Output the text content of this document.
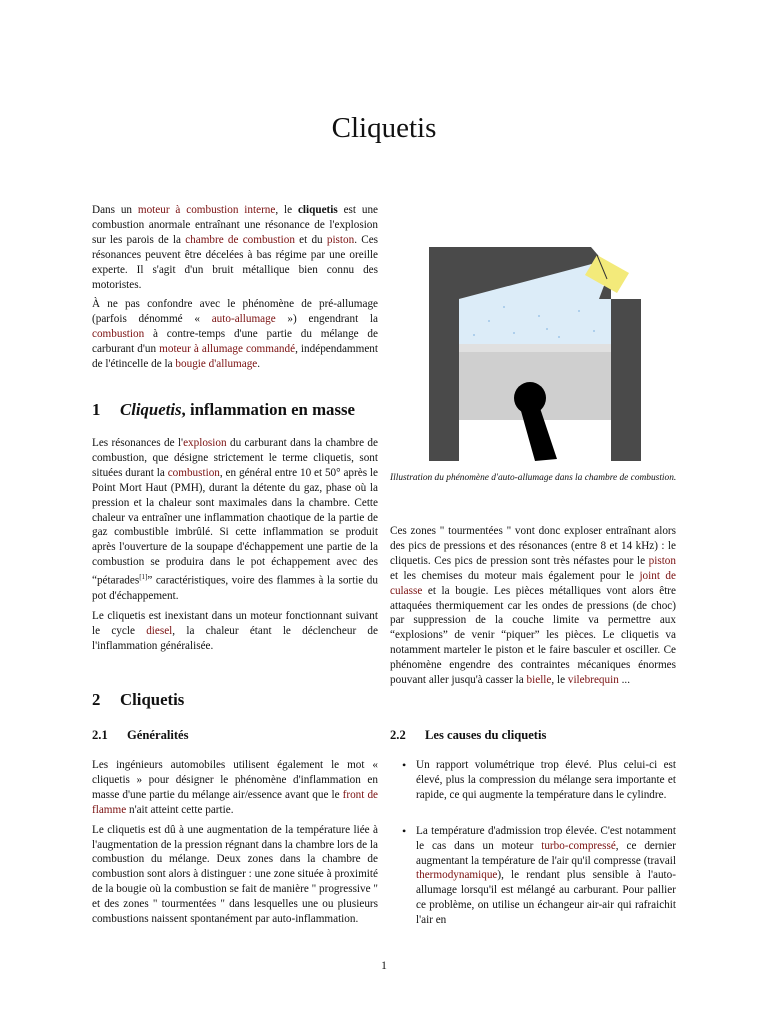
Cliquetis

Dans un moteur à combustion interne, le cliquetis est une combustion anormale entraînant une résonance de l'explosion sur les parois de la chambre de combustion et du piston. Ces résonances peuvent être décelées à bas régime par une oreille experte. Il s'agit d'un bruit métallique bien connu des motoristes.

À ne pas confondre avec le phénomène de pré-allumage (parfois dénommé « auto-allumage ») engendrant la combustion à contre-temps d'une partie du mélange de carburant d'un moteur à allumage commandé, indépendamment de l'étincelle de la bougie d'allumage.

1 Cliquetis, inflammation en masse

Les résonances de l'explosion du carburant dans la chambre de combustion, que désigne strictement le terme cliquetis, sont situées durant la combustion, en général entre 10 et 50° après le Point Mort Haut (PMH), durant la détente du gaz, phase où la pression et la chaleur sont maximales dans la chambre. Cette chaleur va entraîner une inflammation chaotique de la partie de gaz combustible imbrûlé. Si cette inflammation se produit après l'ouverture de la soupape d'échappement une partie de la combustion se produira dans le pot échappement avec des “pétarades[1]” caractéristiques, voire des flammes à la sortie du pot d'échappement.

Le cliquetis est inexistant dans un moteur fonctionnant suivant le cycle diesel, la chaleur étant le déclencheur de l'inflammation généralisée.

2 Cliquetis
2.1 Généralités

Les ingénieurs automobiles utilisent également le mot « cliquetis » pour désigner le phénomène d'inflammation en masse d'une partie du mélange air/essence avant que le front de flamme n'ait atteint cette partie.

Le cliquetis est dû à une augmentation de la température liée à l'augmentation de la pression régnant dans la chambre lors de la combustion du mélange. Deux zones dans la chambre de combustion sont alors à distinguer : une zone située à proximité de la bougie où la combustion se fait de manière " progressive " et des zones " tourmentées " dans lesquelles une ou plusieurs combustions naissent spontanément par auto-inflammation.

Illustration du phénomène d'auto-allumage dans la chambre de combustion.

Ces zones " tourmentées " vont donc exploser entraînant alors des pics de pressions et des résonances (entre 8 et 14 kHz) : le cliquetis. Ces pics de pression sont très néfastes pour le piston et les chemises du moteur mais également pour le joint de culasse et la bougie. Les pièces métalliques vont alors être attaquées thermiquement car les ondes de pressions (de choc) par suppression de la couche limite va permettre aux “explosions” de venir “piquer” les pièces. Le cliquetis va notamment marteler le piston et le faire basculer et osciller. Ce phénomène engendre des contraintes mécaniques énormes pouvant aller jusqu'à casser la bielle, le vilebrequin ...

2.2 Les causes du cliquetis
• Un rapport volumétrique trop élevé. Plus celui-ci est élevé, plus la compression du mélange sera importante et rapide, ce qui augmente la température dans le cylindre.
• La température d'admission trop élevée. C'est notamment le cas dans un moteur turbo-compressé, ce dernier augmentant la température de l'air qu'il compresse (travail thermodynamique), le rendant plus sensible à l'auto-allumage lorsqu'il est mélangé au carburant. Pour pallier ce problème, on utilise un échangeur air-air qui rafraichit l'air en
1
